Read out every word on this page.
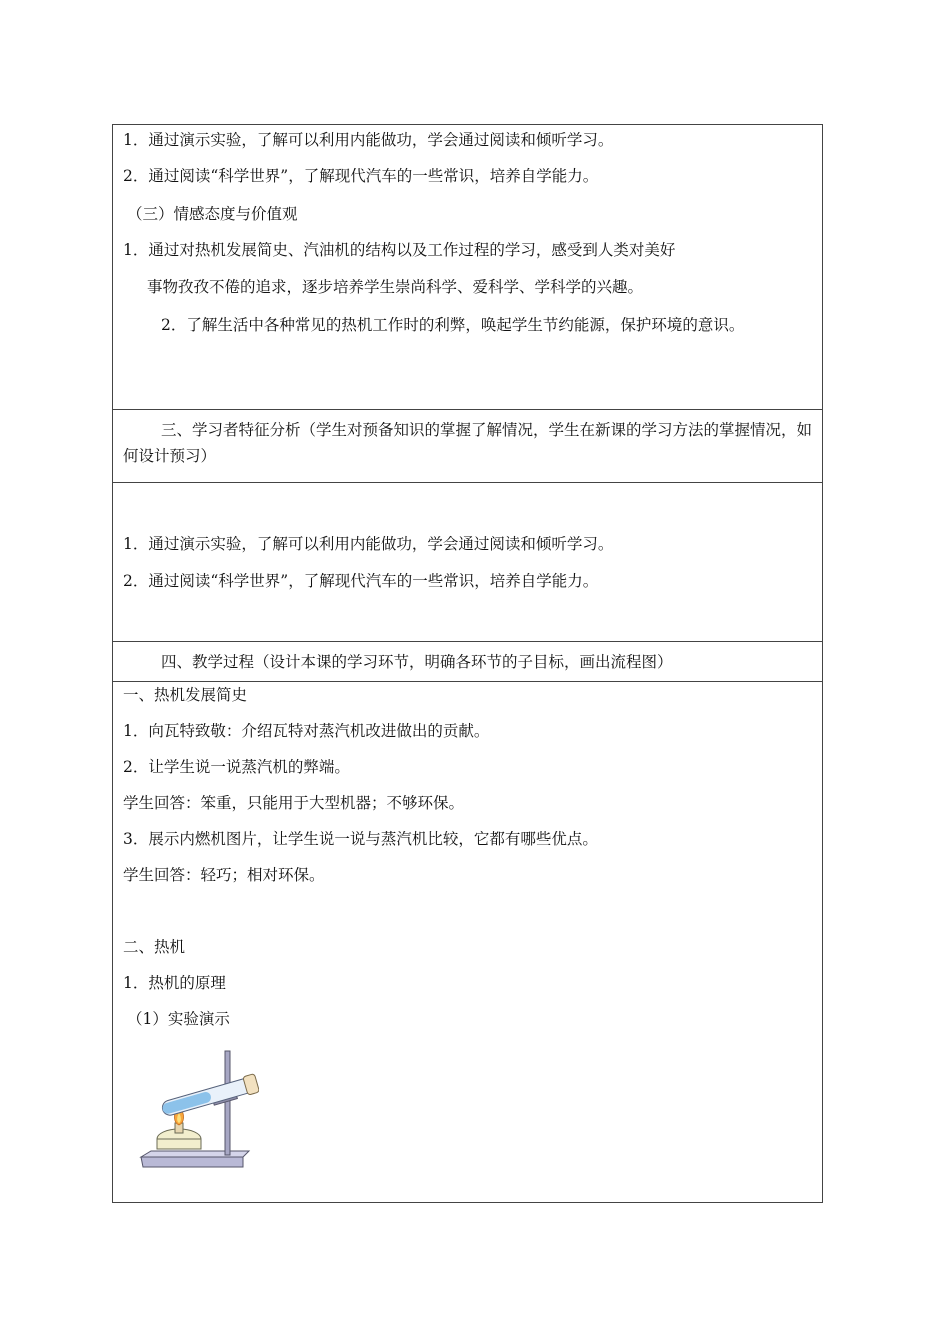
1．通过演示实验，了解可以利用内能做功，学会通过阅读和倾听学习。
2．通过阅读“科学世界”，了解现代汽车的一些常识，培养自学能力。
（三）情感态度与价值观
1．通过对热机发展简史、汽油机的结构以及工作过程的学习，感受到人类对美好
事物孜孜不倦的追求，逐步培养学生崇尚科学、爱科学、学科学的兴趣。
2．了解生活中各种常见的热机工作时的利弊，唤起学生节约能源，保护环境的意识。
三、学习者特征分析（学生对预备知识的掌握了解情况，学生在新课的学习方法的掌握情况，如何设计预习）
1．通过演示实验，了解可以利用内能做功，学会通过阅读和倾听学习。
2．通过阅读“科学世界”，了解现代汽车的一些常识，培养自学能力。
四、教学过程（设计本课的学习环节，明确各环节的子目标，画出流程图）
一、热机发展简史
1．向瓦特致敬：介绍瓦特对蒸汽机改进做出的贡献。
2．让学生说一说蒸汽机的弊端。
学生回答：笨重，只能用于大型机器；不够环保。
3．展示内燃机图片，让学生说一说与蒸汽机比较，它都有哪些优点。
学生回答：轻巧；相对环保。
二、热机
1．热机的原理
（1）实验演示
